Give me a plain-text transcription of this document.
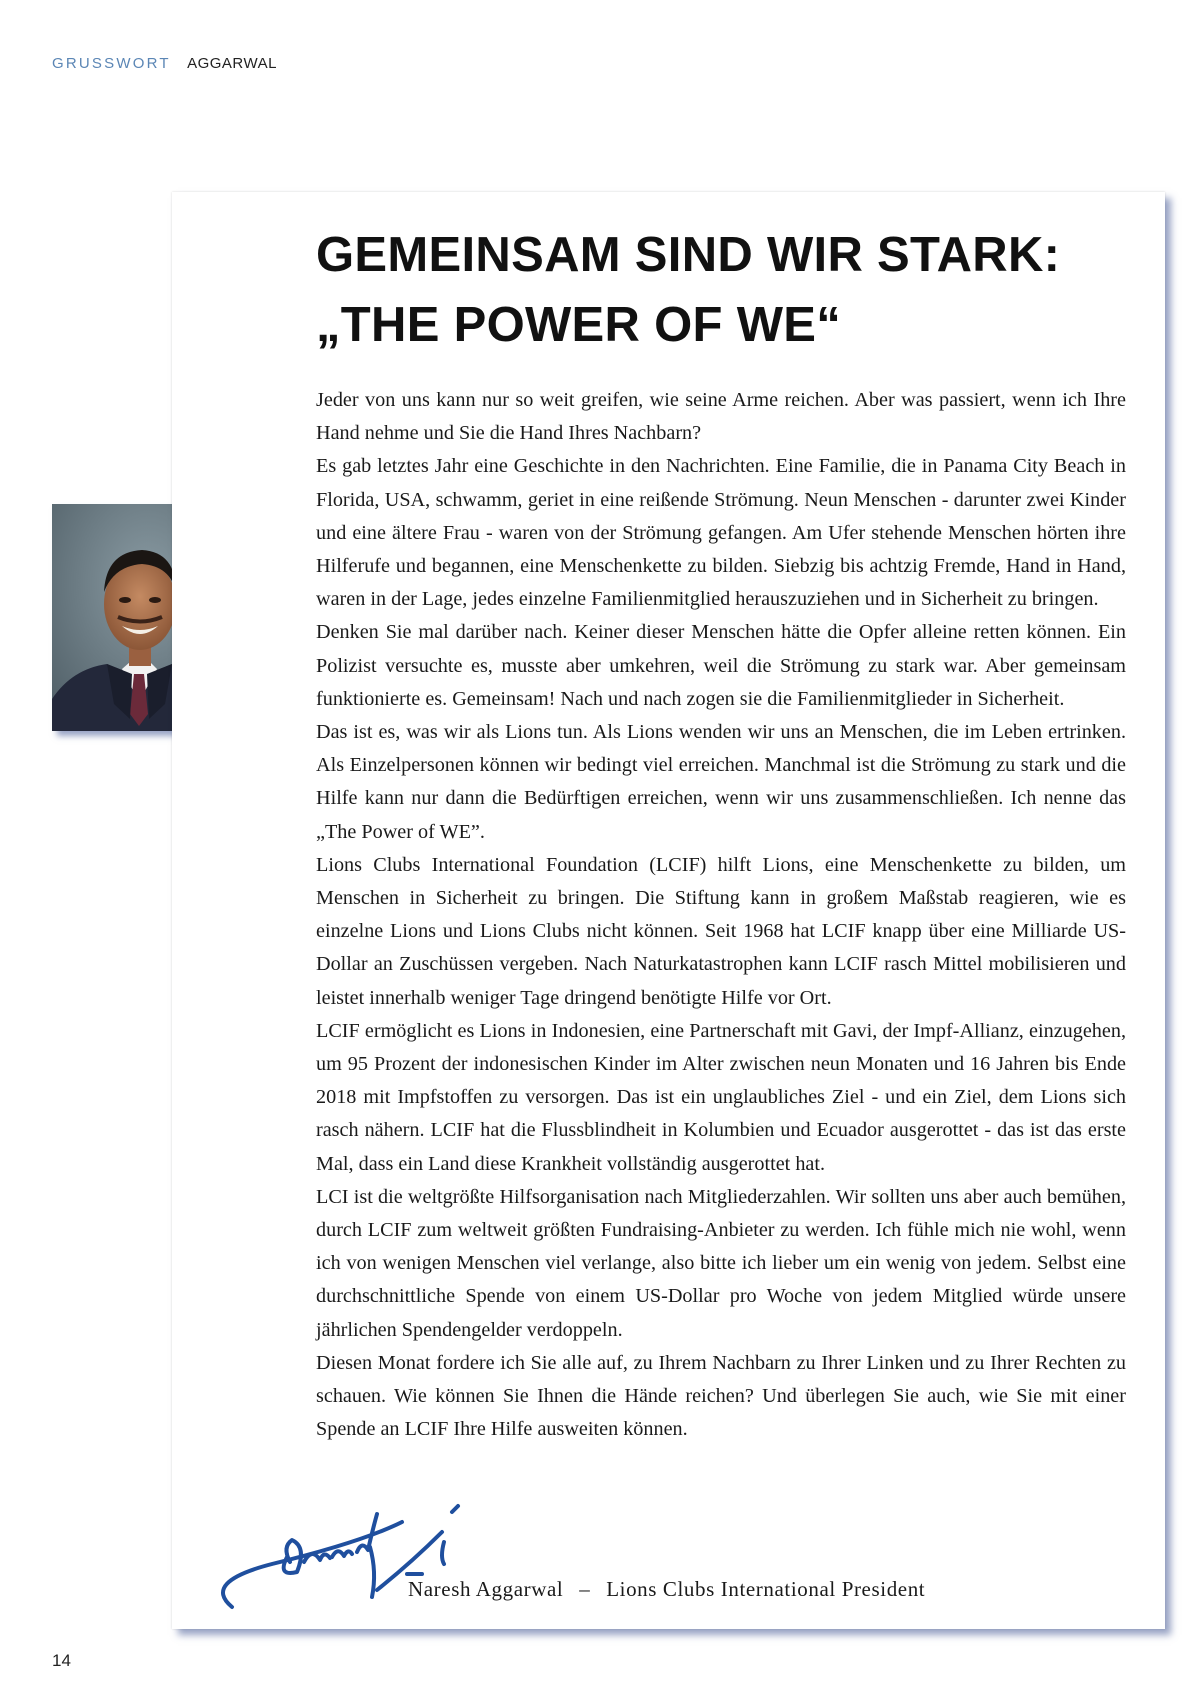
GRUSSWORT AGGARWAL
GEMEINSAM SIND WIR STARK:
„THE POWER OF WE“

Jeder von uns kann nur so weit greifen, wie seine Arme reichen. Aber was passiert, wenn ich Ihre Hand nehme und Sie die Hand Ihres Nachbarn?

Es gab letztes Jahr eine Geschichte in den Nachrichten. Eine Familie, die in Panama City Beach in Florida, USA, schwamm, geriet in eine reißende Strömung. Neun Menschen - darunter zwei Kinder und eine ältere Frau - waren von der Strömung gefangen. Am Ufer stehende Menschen hörten ihre Hilferufe und begannen, eine Menschenkette zu bilden. Siebzig bis achtzig Fremde, Hand in Hand, waren in der Lage, jedes einzelne Familienmitglied herauszuziehen und in Sicherheit zu bringen.

Denken Sie mal darüber nach. Keiner dieser Menschen hätte die Opfer alleine retten können. Ein Polizist versuchte es, musste aber umkehren, weil die Strömung zu stark war. Aber gemeinsam funktionierte es. Gemeinsam! Nach und nach zogen sie die Familienmitglieder in Sicherheit.

Das ist es, was wir als Lions tun. Als Lions wenden wir uns an Menschen, die im Leben ertrinken. Als Einzelpersonen können wir bedingt viel erreichen. Manchmal ist die Strömung zu stark und die Hilfe kann nur dann die Bedürftigen erreichen, wenn wir uns zusammenschließen. Ich nenne das „The Power of WE”.

Lions Clubs International Foundation (LCIF) hilft Lions, eine Menschenkette zu bilden, um Menschen in Sicherheit zu bringen. Die Stiftung kann in großem Maßstab reagieren, wie es einzelne Lions und Lions Clubs nicht können. Seit 1968 hat LCIF knapp über eine Milliarde US-Dollar an Zuschüssen vergeben. Nach Naturkatastrophen kann LCIF rasch Mittel mobilisieren und leistet innerhalb weniger Tage dringend benötigte Hilfe vor Ort.

LCIF ermöglicht es Lions in Indonesien, eine Partnerschaft mit Gavi, der Impf-Allianz, einzugehen, um 95 Prozent der indonesischen Kinder im Alter zwischen neun Monaten und 16 Jahren bis Ende 2018 mit Impfstoffen zu versorgen. Das ist ein unglaubliches Ziel - und ein Ziel, dem Lions sich rasch nähern. LCIF hat die Flussblindheit in Kolumbien und Ecuador ausgerottet - das ist das erste Mal, dass ein Land diese Krankheit vollständig ausgerottet hat.

LCI ist die weltgrößte Hilfsorganisation nach Mitgliederzahlen. Wir sollten uns aber auch bemühen, durch LCIF zum weltweit größten Fundraising-Anbieter zu werden. Ich fühle mich nie wohl, wenn ich von wenigen Menschen viel verlange, also bitte ich lieber um ein wenig von jedem. Selbst eine durchschnittliche Spende von einem US-Dollar pro Woche von jedem Mitglied würde unsere jährlichen Spendengelder verdoppeln.

Diesen Monat fordere ich Sie alle auf, zu Ihrem Nachbarn zu Ihrer Linken und zu Ihrer Rechten zu schauen. Wie können Sie Ihnen die Hände reichen? Und überlegen Sie auch, wie Sie mit einer Spende an LCIF Ihre Hilfe ausweiten können.

Naresh Aggarwal – Lions Clubs International President
14
